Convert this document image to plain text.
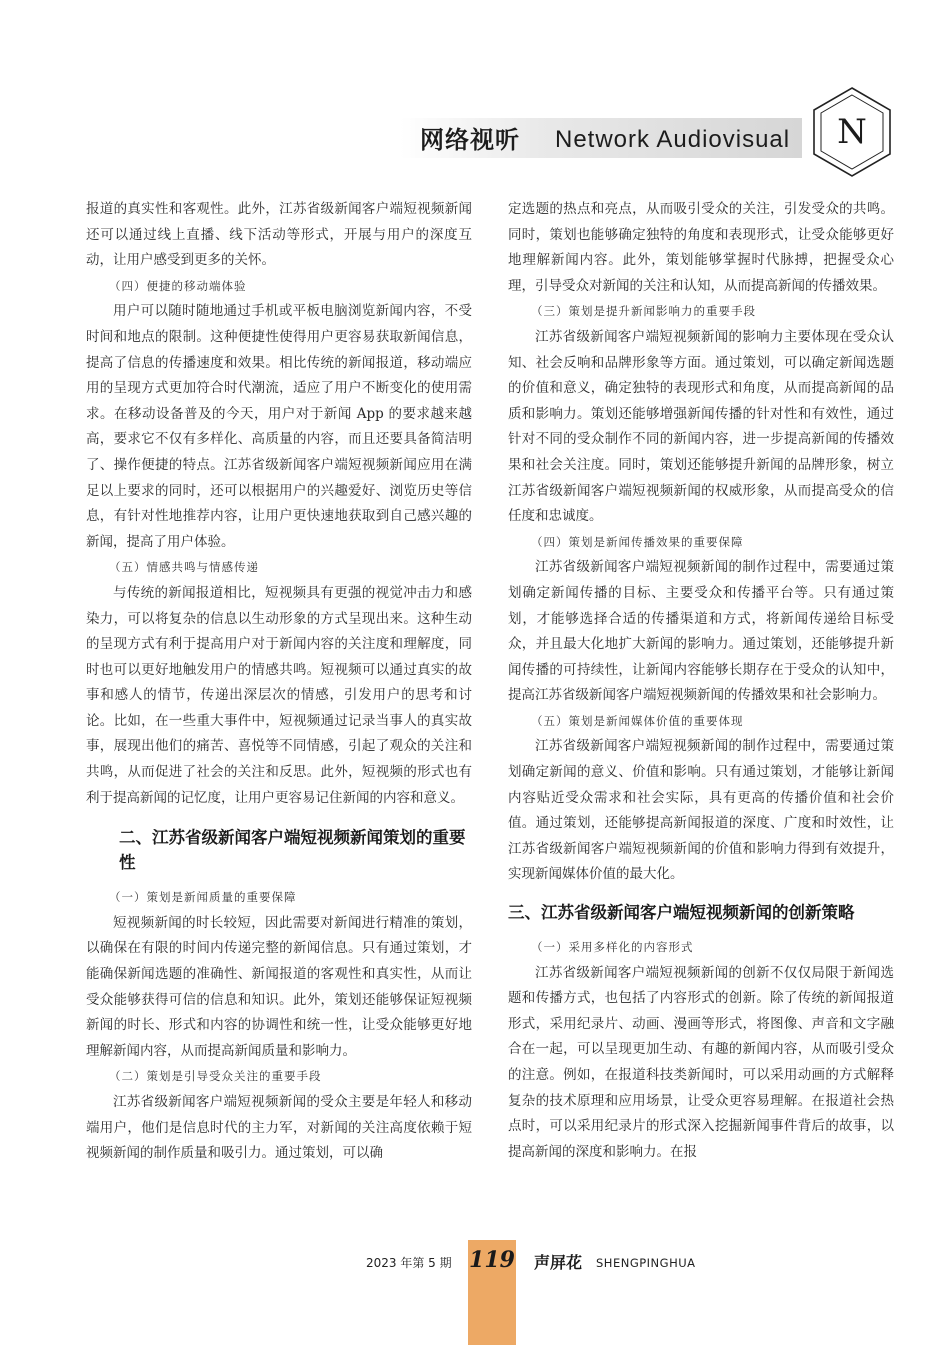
网络视听 Network Audiovisual	N

报道的真实性和客观性。此外，江苏省级新闻客户端短视频新闻还可以通过线上直播、线下活动等形式，开展与用户的深度互动，让用户感受到更多的关怀。

（四）便捷的移动端体验

用户可以随时随地通过手机或平板电脑浏览新闻内容，不受时间和地点的限制。这种便捷性使得用户更容易获取新闻信息，提高了信息的传播速度和效果。相比传统的新闻报道，移动端应用的呈现方式更加符合时代潮流，适应了用户不断变化的使用需求。在移动设备普及的今天，用户对于新闻 App 的要求越来越高，要求它不仅有多样化、高质量的内容，而且还要具备简洁明了、操作便捷的特点。江苏省级新闻客户端短视频新闻应用在满足以上要求的同时，还可以根据用户的兴趣爱好、浏览历史等信息，有针对性地推荐内容，让用户更快速地获取到自己感兴趣的新闻，提高了用户体验。

（五）情感共鸣与情感传递

与传统的新闻报道相比，短视频具有更强的视觉冲击力和感染力，可以将复杂的信息以生动形象的方式呈现出来。这种生动的呈现方式有利于提高用户对于新闻内容的关注度和理解度，同时也可以更好地触发用户的情感共鸣。短视频可以通过真实的故事和感人的情节，传递出深层次的情感，引发用户的思考和讨论。比如，在一些重大事件中，短视频通过记录当事人的真实故事，展现出他们的痛苦、喜悦等不同情感，引起了观众的关注和共鸣，从而促进了社会的关注和反思。此外，短视频的形式也有利于提高新闻的记忆度，让用户更容易记住新闻的内容和意义。

二、江苏省级新闻客户端短视频新闻策划的重要性

（一）策划是新闻质量的重要保障

短视频新闻的时长较短，因此需要对新闻进行精准的策划，以确保在有限的时间内传递完整的新闻信息。只有通过策划，才能确保新闻选题的准确性、新闻报道的客观性和真实性，从而让受众能够获得可信的信息和知识。此外，策划还能够保证短视频新闻的时长、形式和内容的协调性和统一性，让受众能够更好地理解新闻内容，从而提高新闻质量和影响力。

（二）策划是引导受众关注的重要手段

江苏省级新闻客户端短视频新闻的受众主要是年轻人和移动端用户，他们是信息时代的主力军，对新闻的关注高度依赖于短视频新闻的制作质量和吸引力。通过策划，可以确

定选题的热点和亮点，从而吸引受众的关注，引发受众的共鸣。同时，策划也能够确定独特的角度和表现形式，让受众能够更好地理解新闻内容。此外，策划能够掌握时代脉搏，把握受众心理，引导受众对新闻的关注和认知，从而提高新闻的传播效果。

（三）策划是提升新闻影响力的重要手段

江苏省级新闻客户端短视频新闻的影响力主要体现在受众认知、社会反响和品牌形象等方面。通过策划，可以确定新闻选题的价值和意义，确定独特的表现形式和角度，从而提高新闻的品质和影响力。策划还能够增强新闻传播的针对性和有效性，通过针对不同的受众制作不同的新闻内容，进一步提高新闻的传播效果和社会关注度。同时，策划还能够提升新闻的品牌形象，树立江苏省级新闻客户端短视频新闻的权威形象，从而提高受众的信任度和忠诚度。

（四）策划是新闻传播效果的重要保障

江苏省级新闻客户端短视频新闻的制作过程中，需要通过策划确定新闻传播的目标、主要受众和传播平台等。只有通过策划，才能够选择合适的传播渠道和方式，将新闻传递给目标受众，并且最大化地扩大新闻的影响力。通过策划，还能够提升新闻传播的可持续性，让新闻内容能够长期存在于受众的认知中，提高江苏省级新闻客户端短视频新闻的传播效果和社会影响力。

（五）策划是新闻媒体价值的重要体现

江苏省级新闻客户端短视频新闻的制作过程中，需要通过策划确定新闻的意义、价值和影响。只有通过策划，才能够让新闻内容贴近受众需求和社会实际，具有更高的传播价值和社会价值。通过策划，还能够提高新闻报道的深度、广度和时效性，让江苏省级新闻客户端短视频新闻的价值和影响力得到有效提升，实现新闻媒体价值的最大化。

三、江苏省级新闻客户端短视频新闻的创新策略

（一）采用多样化的内容形式

江苏省级新闻客户端短视频新闻的创新不仅仅局限于新闻选题和传播方式，也包括了内容形式的创新。除了传统的新闻报道形式，采用纪录片、动画、漫画等形式，将图像、声音和文字融合在一起，可以呈现更加生动、有趣的新闻内容，从而吸引受众的注意。例如，在报道科技类新闻时，可以采用动画的方式解释复杂的技术原理和应用场景，让受众更容易理解。在报道社会热点时，可以采用纪录片的形式深入挖掘新闻事件背后的故事，以提高新闻的深度和影响力。在报

2023 年第 5 期 119 声屏花 SHENGPINGHUA
